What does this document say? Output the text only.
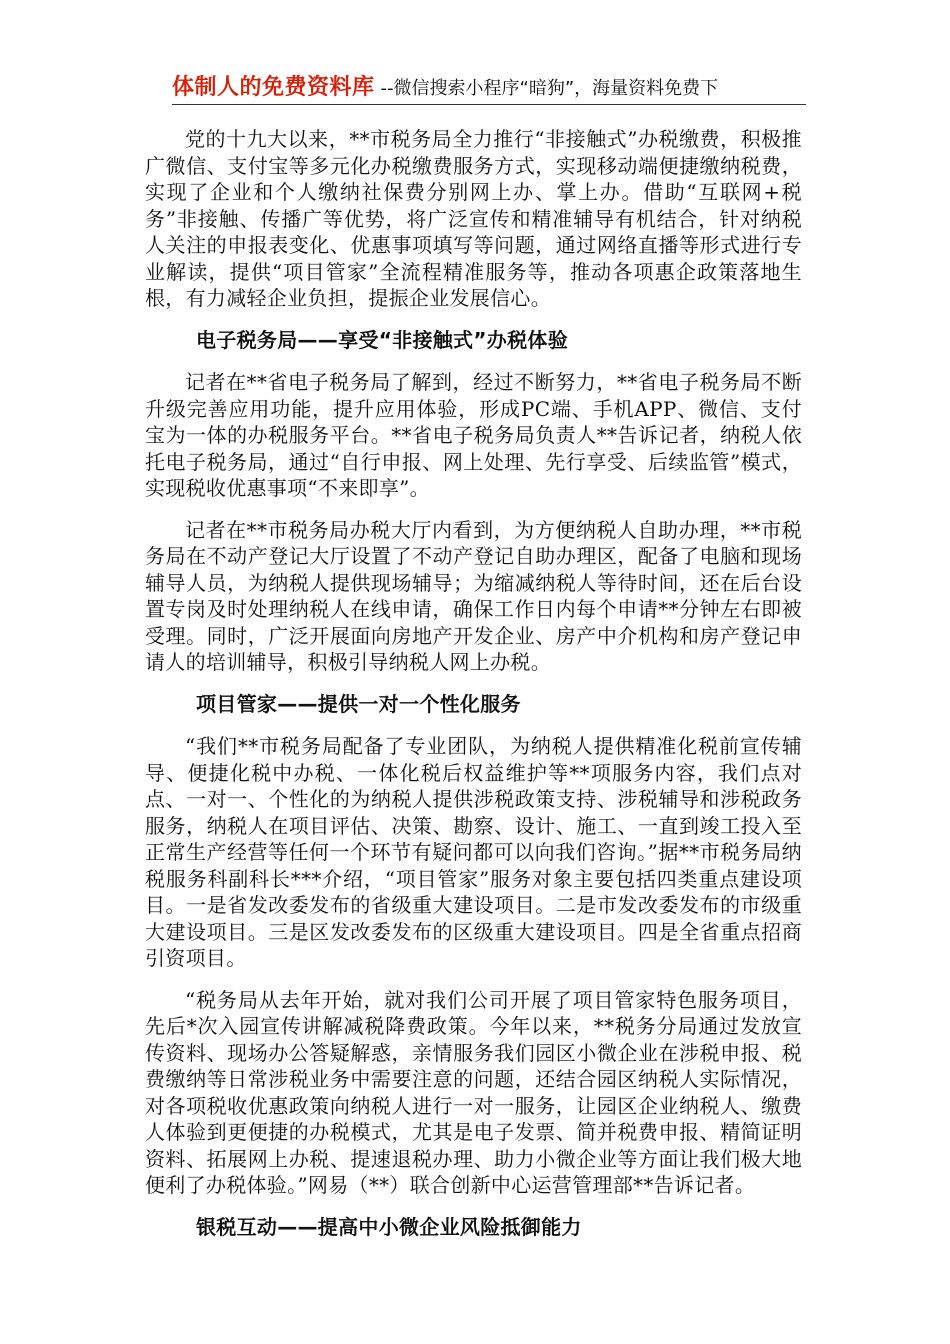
体制人的免费资料库 --微信搜索小程序“暗狗”，海量资料免费下

党的十九大以来，**市税务局全力推行“非接触式”办税缴费，积极推广微信、支付宝等多元化办税缴费服务方式，实现移动端便捷缴纳税费，实现了企业和个人缴纳社保费分别网上办、掌上办。借助“互联网+税务”非接触、传播广等优势，将广泛宣传和精准辅导有机结合，针对纳税人关注的申报表变化、优惠事项填写等问题，通过网络直播等形式进行专业解读，提供“项目管家”全流程精准服务等，推动各项惠企政策落地生根，有力减轻企业负担，提振企业发展信心。

电子税务局——享受“非接触式”办税体验

记者在**省电子税务局了解到，经过不断努力，**省电子税务局不断升级完善应用功能，提升应用体验，形成PC端、手机APP、微信、支付宝为一体的办税服务平台。**省电子税务局负责人**告诉记者，纳税人依托电子税务局，通过“自行申报、网上处理、先行享受、后续监管”模式，实现税收优惠事项“不来即享”。

记者在**市税务局办税大厅内看到，为方便纳税人自助办理，**市税务局在不动产登记大厅设置了不动产登记自助办理区，配备了电脑和现场辅导人员，为纳税人提供现场辅导；为缩减纳税人等待时间，还在后台设置专岗及时处理纳税人在线申请，确保工作日内每个申请**分钟左右即被受理。同时，广泛开展面向房地产开发企业、房产中介机构和房产登记申请人的培训辅导，积极引导纳税人网上办税。

项目管家——提供一对一个性化服务

“我们**市税务局配备了专业团队，为纳税人提供精准化税前宣传辅导、便捷化税中办税、一体化税后权益维护等**项服务内容，我们点对点、一对一、个性化的为纳税人提供涉税政策支持、涉税辅导和涉税政务服务，纳税人在项目评估、决策、勘察、设计、施工、一直到竣工投入至正常生产经营等任何一个环节有疑问都可以向我们咨询。”据**市税务局纳税服务科副科长***介绍，“项目管家”服务对象主要包括四类重点建设项目。一是省发改委发布的省级重大建设项目。二是市发改委发布的市级重大建设项目。三是区发改委发布的区级重大建设项目。四是全省重点招商引资项目。

“税务局从去年开始，就对我们公司开展了项目管家特色服务项目，先后*次入园宣传讲解减税降费政策。今年以来，**税务分局通过发放宣传资料、现场办公答疑解惑，亲情服务我们园区小微企业在涉税申报、税费缴纳等日常涉税业务中需要注意的问题，还结合园区纳税人实际情况，对各项税收优惠政策向纳税人进行一对一服务，让园区企业纳税人、缴费人体验到更便捷的办税模式，尤其是电子发票、简并税费申报、精简证明资料、拓展网上办税、提速退税办理、助力小微企业等方面让我们极大地便利了办税体验。”网易（**）联合创新中心运营管理部**告诉记者。

银税互动——提高中小微企业风险抵御能力
